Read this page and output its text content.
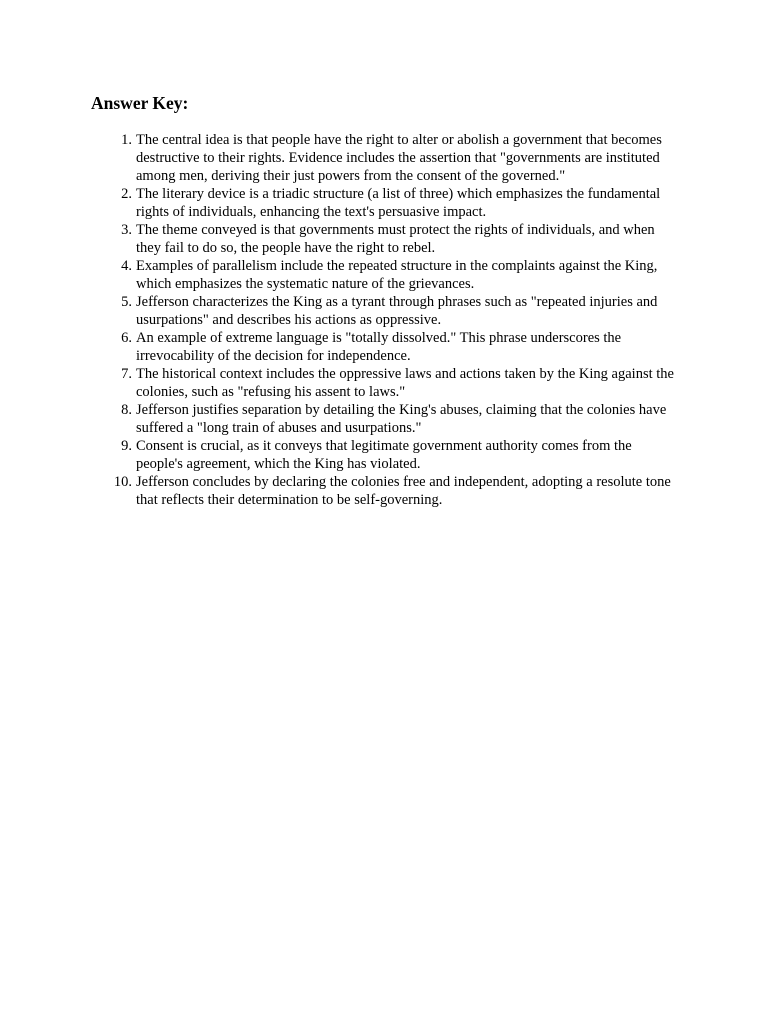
Answer Key:
1. The central idea is that people have the right to alter or abolish a government that becomes destructive to their rights. Evidence includes the assertion that "governments are instituted among men, deriving their just powers from the consent of the governed."
2. The literary device is a triadic structure (a list of three) which emphasizes the fundamental rights of individuals, enhancing the text's persuasive impact.
3. The theme conveyed is that governments must protect the rights of individuals, and when they fail to do so, the people have the right to rebel.
4. Examples of parallelism include the repeated structure in the complaints against the King, which emphasizes the systematic nature of the grievances.
5. Jefferson characterizes the King as a tyrant through phrases such as "repeated injuries and usurpations" and describes his actions as oppressive.
6. An example of extreme language is "totally dissolved." This phrase underscores the irrevocability of the decision for independence.
7. The historical context includes the oppressive laws and actions taken by the King against the colonies, such as "refusing his assent to laws."
8. Jefferson justifies separation by detailing the King's abuses, claiming that the colonies have suffered a "long train of abuses and usurpations."
9. Consent is crucial, as it conveys that legitimate government authority comes from the people's agreement, which the King has violated.
10. Jefferson concludes by declaring the colonies free and independent, adopting a resolute tone that reflects their determination to be self-governing.
